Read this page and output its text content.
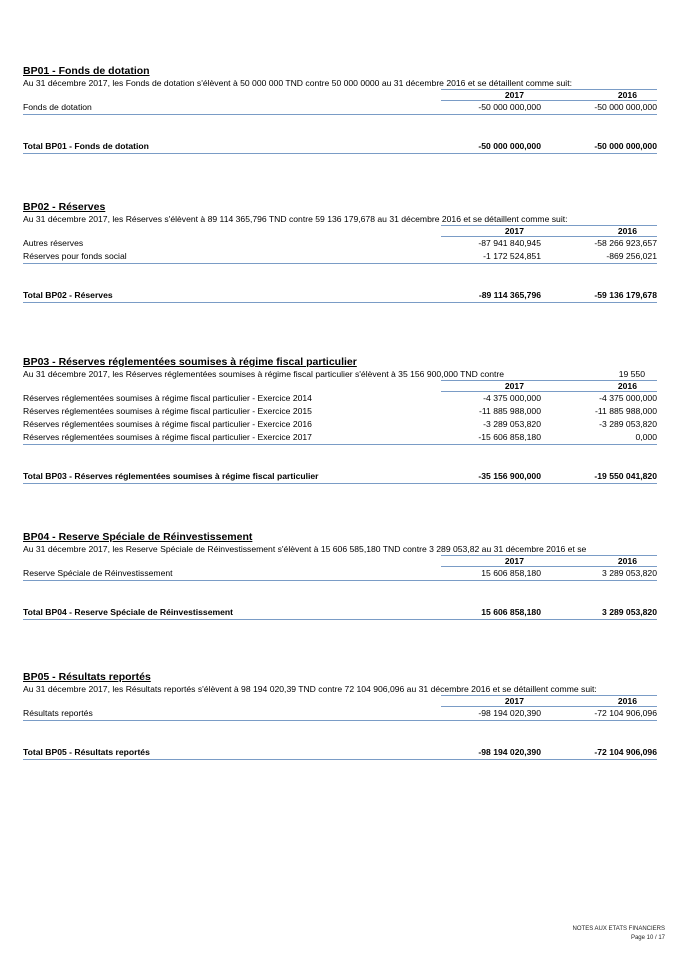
BP01 - Fonds de dotation
Au 31 décembre 2017, les Fonds de dotation s'élèvent à 50 000 000 TND contre 50 000 0000 au 31 décembre 2016 et se détaillent comme suit:
2017	2016
Fonds de dotation	-50 000 000,000	-50 000 000,000
Total BP01 - Fonds de dotation	-50 000 000,000	-50 000 000,000
BP02 - Réserves
Au 31 décembre 2017, les Réserves s'élèvent à 89 114 365,796 TND contre 59 136 179,678 au 31 décembre 2016 et se détaillent comme suit:
2017	2016
Autres réserves	-87 941 840,945	-58 266 923,657
Réserves pour fonds social	-1 172 524,851	-869 256,021
Total BP02 - Réserves	-89 114 365,796	-59 136 179,678
BP03 - Réserves réglementées soumises à régime fiscal particulier
Au 31 décembre 2017, les Réserves réglementées soumises à régime fiscal particulier s'élèvent à 35 156 900,000 TND contre	19 550
2017	2016
Réserves réglementées soumises à régime fiscal particulier - Exercice 2014	-4 375 000,000	-4 375 000,000
Réserves réglementées soumises à régime fiscal particulier - Exercice 2015	-11 885 988,000	-11 885 988,000
Réserves réglementées soumises à régime fiscal particulier - Exercice 2016	-3 289 053,820	-3 289 053,820
Réserves réglementées soumises à régime fiscal particulier - Exercice 2017	-15 606 858,180	0,000
Total BP03 - Réserves réglementées soumises à régime fiscal particulier	-35 156 900,000	-19 550 041,820
BP04 - Reserve Spéciale de Réinvestissement
Au 31 décembre 2017, les Reserve Spéciale de Réinvestissement s'élèvent à 15 606 585,180 TND contre 3 289 053,82 au 31 décembre 2016 et se
2017	2016
Reserve Spéciale de Réinvestissement	15 606 858,180	3 289 053,820
Total BP04 - Reserve Spéciale de Réinvestissement	15 606 858,180	3 289 053,820
BP05 - Résultats reportés
Au 31 décembre 2017, les Résultats reportés s'élèvent à 98 194 020,39 TND contre 72 104 906,096 au 31 décembre 2016 et se détaillent comme suit:
2017	2016
Résultats reportés	-98 194 020,390	-72 104 906,096
Total BP05 - Résultats reportés	-98 194 020,390	-72 104 906,096
NOTES AUX ETATS FINANCIERS
Page 10 / 17
